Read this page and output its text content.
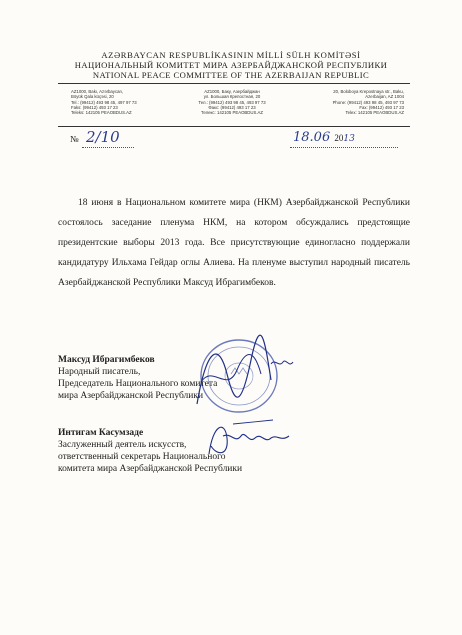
AZƏRBAYCAN RESPUBLİKASININ MİLLİ SÜLH KOMİTƏSİ
НАЦИОНАЛЬНЫЙ КОМИТЕТ МИРА АЗЕРБАЙДЖАНСКОЙ РЕСПУБЛИКИ
NATIONAL PEACE COMMITTEE OF THE AZERBAIJAN REPUBLIC
AZ1000, Bakı, Azərbaycan,
Böyük Qala küçəsi, 20
Tel.: (99412) 493 98 45, 497 97 73
Faks: (99412) 493 17 23
Teleks: 142105 PEAOBDUS.AZ
AZ1000, Баку, Азербайджан
ул. Большая Крепостная, 20
Тел.: (99412) 493 98 45, 493 97 73
Факс: (99412) 493 17 23
Телекс: 142105 PEAOBDUS.AZ
20, Boloboya Krepostnaya str., Baku,
Azerbaijan, AZ 1004
Phone: (99412) 493 98 45, 493 97 73
Fax: (99412) 493 17 23
Telex: 142105 PEAOBDUS.AZ
№ 2/10	18.06 2013
18 июня в Национальном комитете мира (НКМ) Азербайджанской Республики состоялось заседание пленума НКМ, на котором обсуждались предстоящие президентские выборы 2013 года. Все присутствующие единогласно поддержали кандидатуру Ильхама Гейдар оглы Алиева. На пленуме выступил народный писатель Азербайджанской Республики Максуд Ибрагимбеков.
Максуд Ибрагимбеков
Народный писатель,
Председатель Национального комитета
мира Азербайджанской Республики
Интигам Касумзаде
Заслуженный деятель искусств,
ответственный секретарь Национального
комитета мира Азербайджанской Республики
